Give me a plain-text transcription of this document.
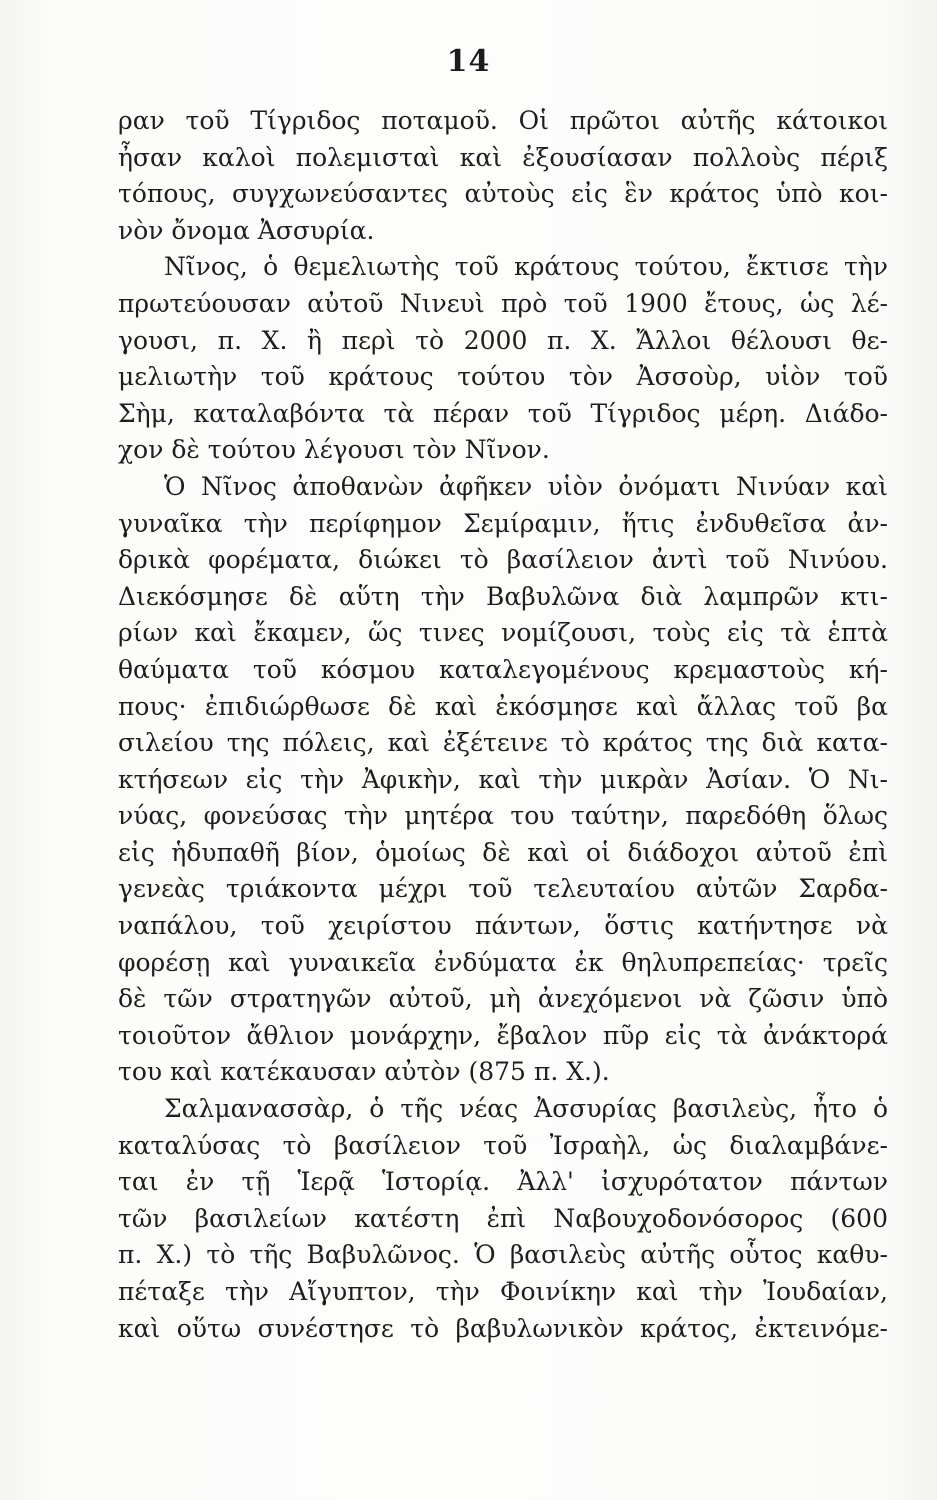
14
ραν τοῦ Τίγριδος ποταμοῦ. Οἱ πρῶτοι αὐτῆς κάτοικοι
ἦσαν καλοὶ πολεμισταὶ καὶ ἐξουσίασαν πολλοὺς πέριξ
τόπους, συγχωνεύσαντες αὐτοὺς εἰς ἓν κράτος ὑπὸ κοι-
νὸν ὄνομα Ἀσσυρία.
Νῖνος, ὁ θεμελιωτὴς τοῦ κράτους τούτου, ἔκτισε τὴν
πρωτεύουσαν αὐτοῦ Νινευὶ πρὸ τοῦ 1900 ἔτους, ὡς λέ-
γουσι, π. Χ. ἢ περὶ τὸ 2000 π. Χ. Ἄλλοι θέλουσι θε-
μελιωτὴν τοῦ κράτους τούτου τὸν Ἀσσοὺρ, υἱὸν τοῦ
Σὴμ, καταλαβόντα τὰ πέραν τοῦ Τίγριδος μέρη. Διάδο-
χον δὲ τούτου λέγουσι τὸν Νῖνον.
Ὁ Νῖνος ἀποθανὼν ἀφῆκεν υἱὸν ὀνόματι Νινύαν καὶ
γυναῖκα τὴν περίφημον Σεμίραμιν, ἥτις ἐνδυθεῖσα ἀν-
δρικὰ φορέματα, διώκει τὸ βασίλειον ἀντὶ τοῦ Νινύου.
Διεκόσμησε δὲ αὕτη τὴν Βαβυλῶνα διὰ λαμπρῶν κτι-
ρίων καὶ ἔκαμεν, ὥς τινες νομίζουσι, τοὺς εἰς τὰ ἑπτὰ
θαύματα τοῦ κόσμου καταλεγομένους κρεμαστοὺς κή-
πους· ἐπιδιώρθωσε δὲ καὶ ἐκόσμησε καὶ ἄλλας τοῦ βα
σιλείου της πόλεις, καὶ ἐξέτεινε τὸ κράτος της διὰ κατα-
κτήσεων εἰς τὴν Ἀφικὴν, καὶ τὴν μικρὰν Ἀσίαν. Ὁ Νι-
νύας, φονεύσας τὴν μητέρα του ταύτην, παρεδόθη ὅλως
εἰς ἡδυπαθῆ βίον, ὁμοίως δὲ καὶ οἱ διάδοχοι αὐτοῦ ἐπὶ
γενεὰς τριάκοντα μέχρι τοῦ τελευταίου αὐτῶν Σαρδα-
ναπάλου, τοῦ χειρίστου πάντων, ὅστις κατήντησε νὰ
φορέσῃ καὶ γυναικεῖα ἐνδύματα ἐκ θηλυπρεπείας· τρεῖς
δὲ τῶν στρατηγῶν αὐτοῦ, μὴ ἀνεχόμενοι νὰ ζῶσιν ὑπὸ
τοιοῦτον ἄθλιον μονάρχην, ἔβαλον πῦρ εἰς τὰ ἀνάκτορά
του καὶ κατέκαυσαν αὐτὸν (875 π. Χ.).
Σαλμανασσὰρ, ὁ τῆς νέας Ἀσσυρίας βασιλεὺς, ἦτο ὁ
καταλύσας τὸ βασίλειον τοῦ Ἰσραὴλ, ὡς διαλαμβάνε-
ται ἐν τῇ Ἱερᾷ Ἱστορίᾳ. Ἀλλ' ἰσχυρότατον πάντων
τῶν βασιλείων κατέστη ἐπὶ Ναβουχοδονόσορος (600
π. Χ.) τὸ τῆς Βαβυλῶνος. Ὁ βασιλεὺς αὐτῆς οὗτος καθυ-
πέταξε τὴν Αἴγυπτον, τὴν Φοινίκην καὶ τὴν Ἰουδαίαν,
καὶ οὕτω συνέστησε τὸ βαβυλωνικὸν κράτος, ἐκτεινόμε-
